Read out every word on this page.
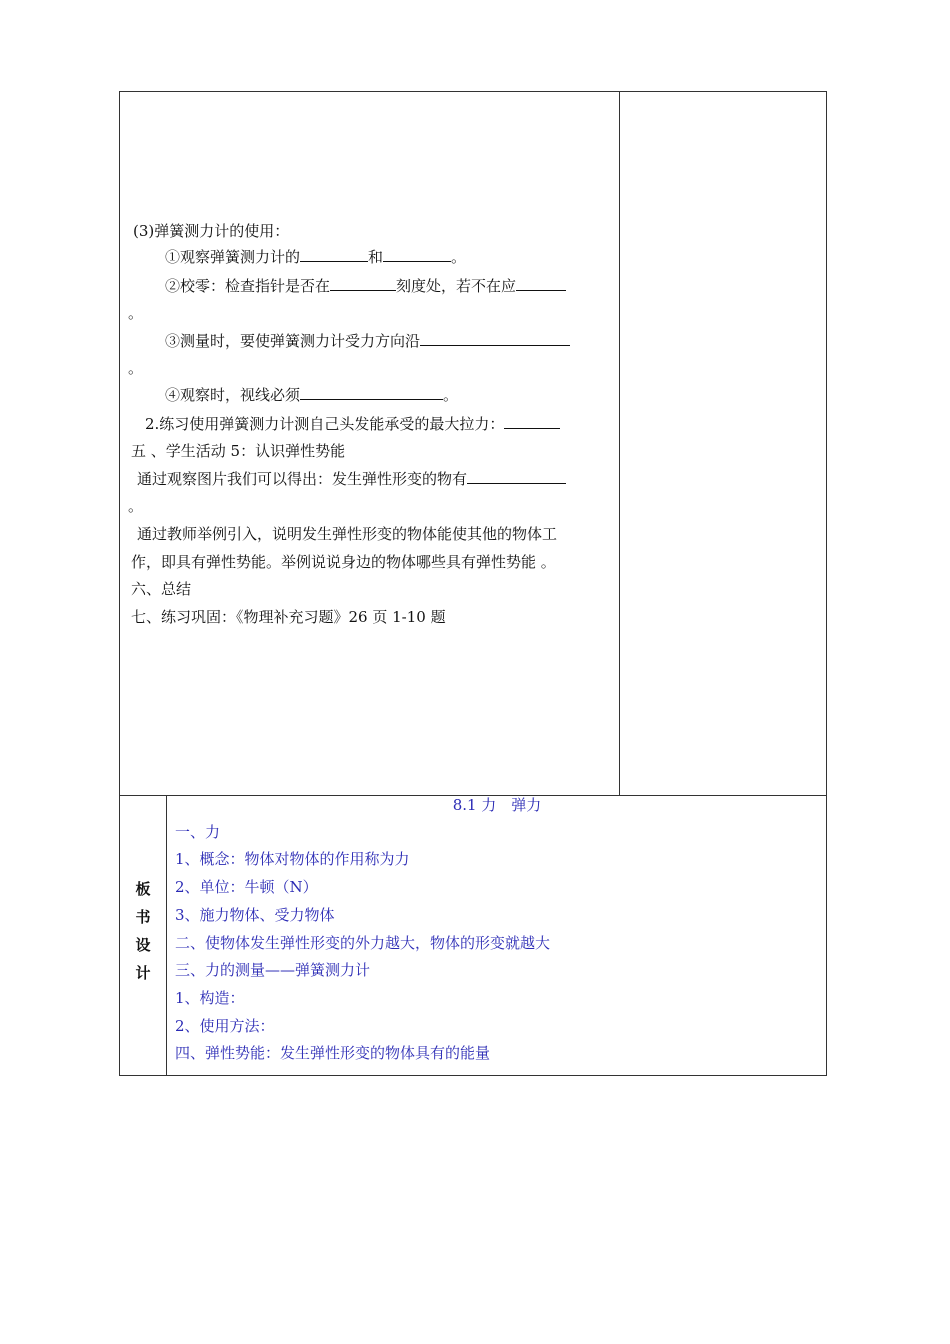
(3)弹簧测力计的使用：
①观察弹簧测力计的	和	。
②校零：检查指针是否在	刻度处，若不在应
。
③测量时，要使弹簧测力计受力方向沿
。
④观察时，视线必须	。
2.练习使用弹簧测力计测自己头发能承受的最大拉力：
五 、学生活动 5：认识弹性势能
通过观察图片我们可以得出：发生弹性形变的物有
。
通过教师举例引入，说明发生弹性形变的物体能使其他的物体工
作，即具有弹性势能。举例说说身边的物体哪些具有弹性势能 。
六、总结
七、练习巩固：《物理补充习题》26 页 1-10 题
板
书
设
计
8.1 力　弹力
一、力
1、概念：物体对物体的作用称为力
2、单位：牛顿（N）
3、施力物体、受力物体
二、使物体发生弹性形变的外力越大，物体的形变就越大
三、力的测量——弹簧测力计
1、构造：
2、使用方法：
四、弹性势能：发生弹性形变的物体具有的能量
